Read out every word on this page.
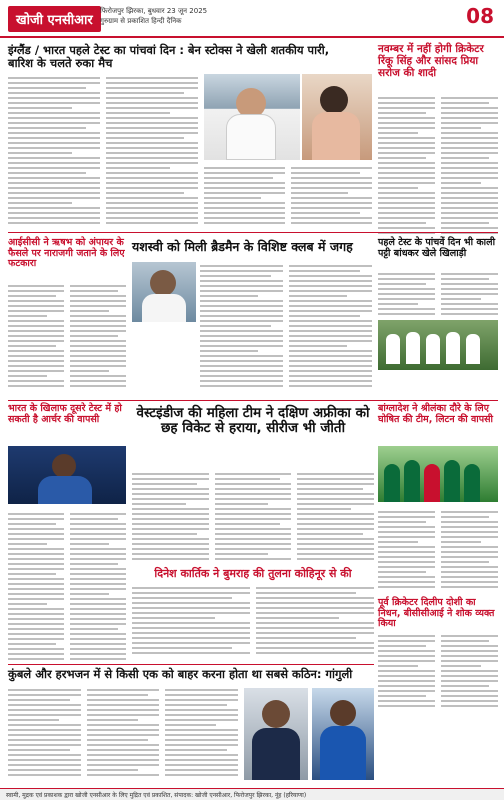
खोजी एनसीआर
फिरोजपुर झिरका, बुधवार 23 जून 2025
गुरुग्राम से प्रकाशित हिन्दी दैनिक	08
इंग्लैंड / भारत पहले टेस्ट का पांचवां दिन : बेन स्टोक्स ने खेली शतकीय पारी, बारिश के चलते रुका मैच
नवम्बर में नहीं होगी क्रिकेटर रिंकू सिंह और सांसद प्रिया सरोज की शादी
आईसीसी ने ऋषभ को अंपायर के फैसले पर नाराजगी जताने के लिए फटकारा
यशस्वी को मिली ब्रैडमैन के विशिष्ट क्लब में जगह	पहले टेस्ट के पांचवें दिन भी काली पट्टी बांधकर खेले खिलाड़ी
भारत के खिलाफ दूसरे टेस्ट में हो सकती है आर्चर की वापसी	वेस्टइंडीज की महिला टीम ने दक्षिण अफ्रीका को छह विकेट से हराया, सीरीज भी जीती
दिनेश कार्तिक ने बुमराह की तुलना कोहिनूर से की
बांग्लादेश ने श्रीलंका दौरे के लिए घोषित की टीम, लिटन की वापसी
पूर्व क्रिकेटर दिलीप दोशी का निधन, बीसीसीआई ने शोक व्यक्त किया
कुंबले और हरभजन में से किसी एक को बाहर करना होता था सबसे कठिन: गांगुली
स्वामी, मुद्रक एवं प्रकाशक द्वारा खोजी एनसीआर के लिए मुद्रित एवं प्रकाशित, संपादक: खोजी एनसीआर, फिरोजपुर झिरका, नूंह (हरियाणा)
